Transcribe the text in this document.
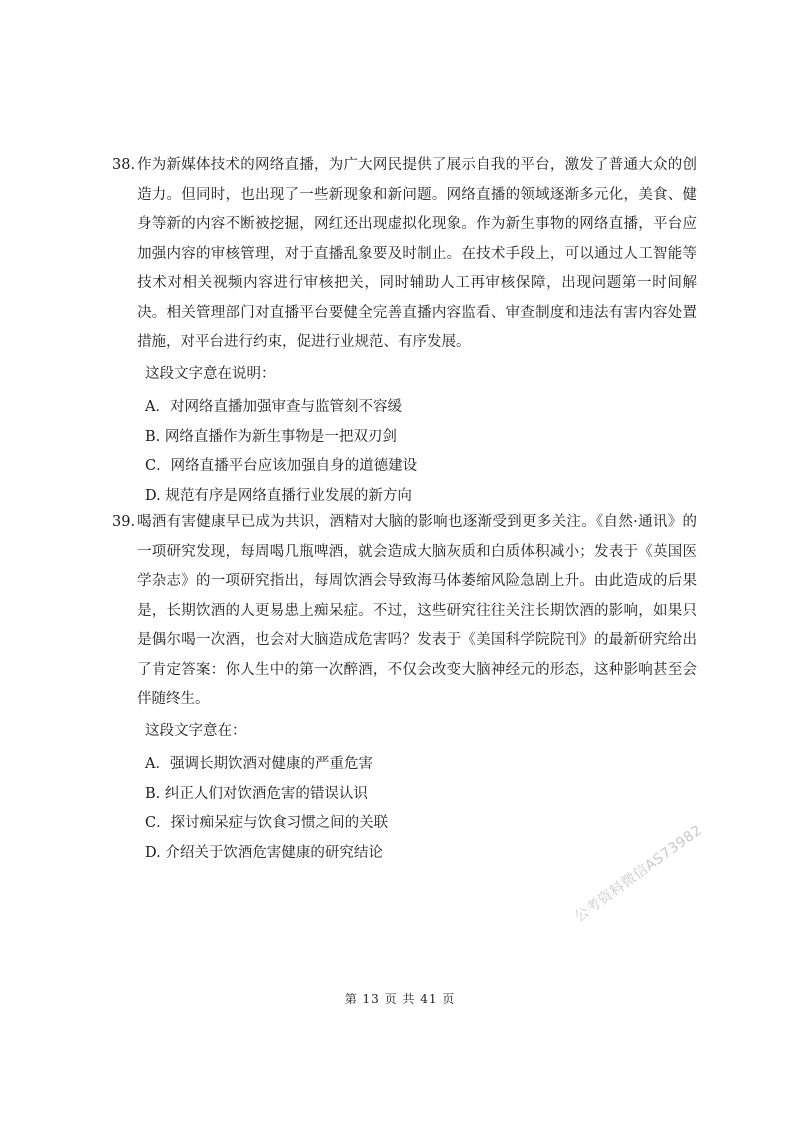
38. 作为新媒体技术的网络直播，为广大网民提供了展示自我的平台，激发了普通大众的创造力。但同时，也出现了一些新现象和新问题。网络直播的领域逐渐多元化，美食、健身等新的内容不断被挖掘，网红还出现虚拟化现象。作为新生事物的网络直播，平台应加强内容的审核管理，对于直播乱象要及时制止。在技术手段上，可以通过人工智能等技术对相关视频内容进行审核把关，同时辅助人工再审核保障，出现问题第一时间解决。相关管理部门对直播平台要健全完善直播内容监看、审查制度和违法有害内容处置措施，对平台进行约束，促进行业规范、有序发展。

这段文字意在说明：
A．对网络直播加强审查与监管刻不容缓
B. 网络直播作为新生事物是一把双刃剑
C．网络直播平台应该加强自身的道德建设
D. 规范有序是网络直播行业发展的新方向
39. 喝酒有害健康早已成为共识，酒精对大脑的影响也逐渐受到更多关注。《自然·通讯》的一项研究发现，每周喝几瓶啤酒，就会造成大脑灰质和白质体积减小；发表于《英国医学杂志》的一项研究指出，每周饮酒会导致海马体萎缩风险急剧上升。由此造成的后果是，长期饮酒的人更易患上痴呆症。不过，这些研究往往关注长期饮酒的影响，如果只是偶尔喝一次酒，也会对大脑造成危害吗？发表于《美国科学院院刊》的最新研究给出了肯定答案：你人生中的第一次醉酒，不仅会改变大脑神经元的形态，这种影响甚至会伴随终生。

这段文字意在：
A．强调长期饮酒对健康的严重危害
B. 纠正人们对饮酒危害的错误认识
C．探讨痴呆症与饮食习惯之间的关联
D. 介绍关于饮酒危害健康的研究结论	公考资料微信AS73982
第 13 页 共 41 页
